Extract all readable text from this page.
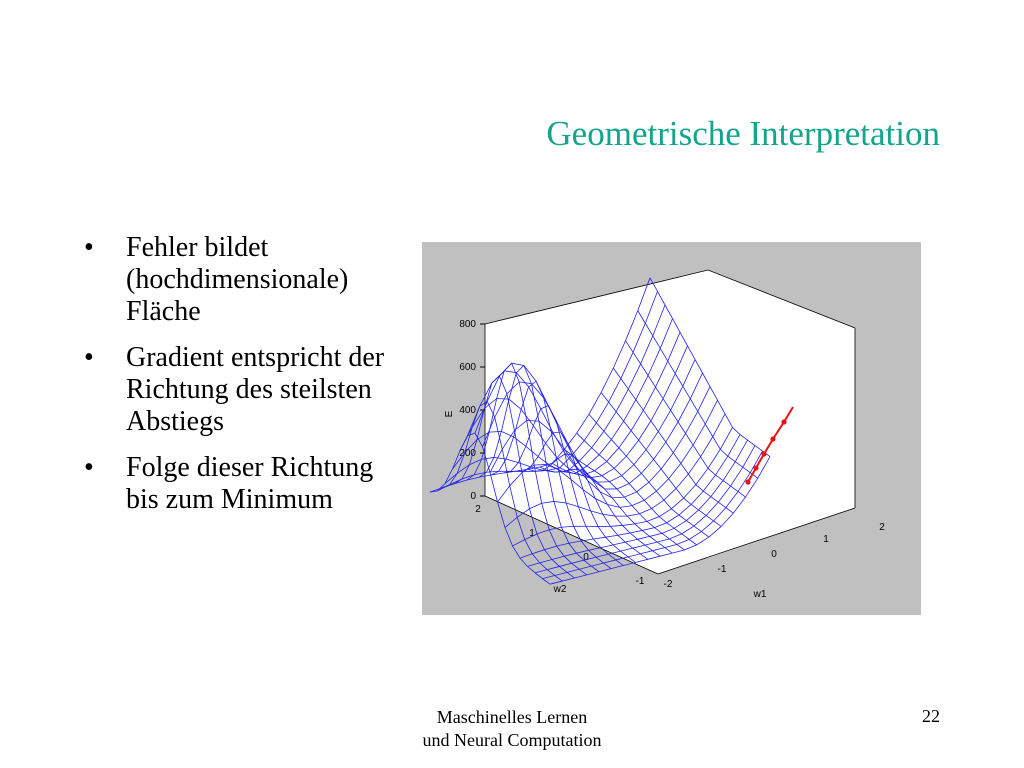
Geometrische Interpretation
• Fehler bildet (hochdimensionale) Fläche
• Gradient entspricht der Richtung des steilsten Abstiegs
• Folge dieser Richtung bis zum Minimum	0
200
400
600
800
E
2
1
0
-1
w2	-2
-1
0
1
2
w1
Maschinelles Lernen
und Neural Computation
22
